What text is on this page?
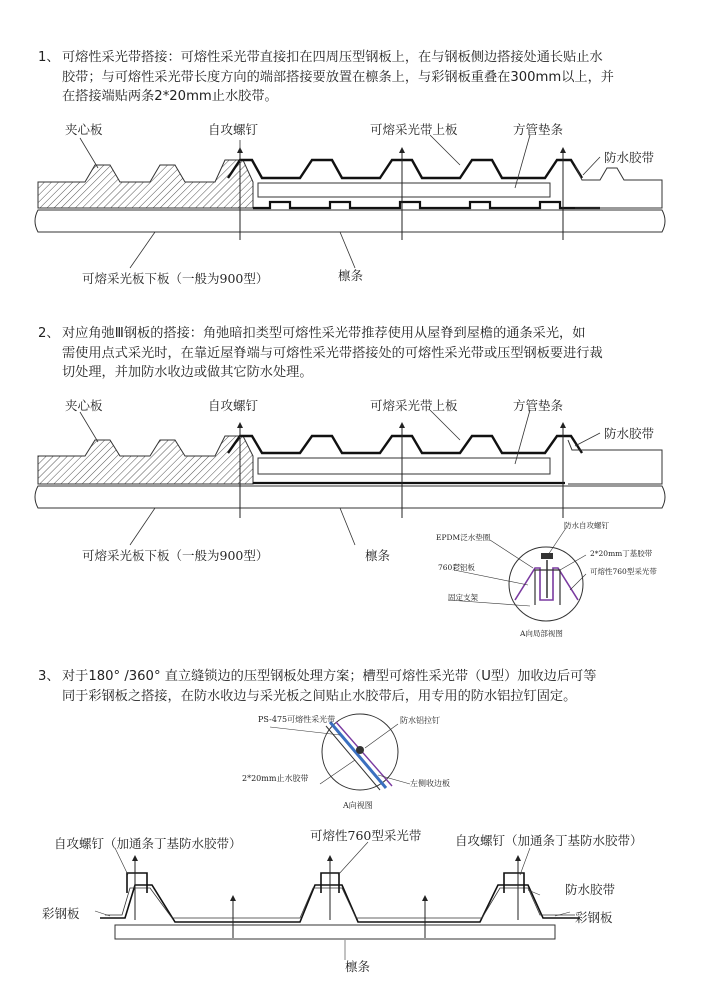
1、 可熔性采光带搭接：可熔性采光带直接扣在四周压型钢板上，在与钢板侧边搭接处通长贴止水
胶带；与可熔性采光带长度方向的端部搭接要放置在檩条上，与彩钢板重叠在300mm以上，并
在搭接端贴两条2*20mm止水胶带。
夹心板	自攻螺钉	可熔采光带上板	方管垫条
防水胶带
可熔采光板下板（一般为900型）	檩条
2、 对应角弛Ⅲ钢板的搭接：角弛暗扣类型可熔性采光带推荐使用从屋脊到屋檐的通条采光，如
需使用点式采光时，在靠近屋脊端与可熔性采光带搭接处的可熔性采光带或压型钢板要进行裁
切处理，并加防水收边或做其它防水处理。
夹心板	自攻螺钉	可熔采光带上板	方管垫条
防水胶带
可熔采光板下板（一般为900型）	檩条
EPDM泛水垫圈
防水自攻螺钉
2*20mm丁基胶带
760彩铝板	可熔性760型采光带
固定支架
A向局部视图
3、 对于180° /360° 直立缝锁边的压型钢板处理方案；槽型可熔性采光带（U型）加收边后可等
同于彩钢板之搭接，在防水收边与采光板之间贴止水胶带后，用专用的防水铝拉钉固定。
PS-475可熔性采光带	防水铝拉钉
2*20mm止水胶带
左侧收边板
A向视图
自攻螺钉（加通条丁基防水胶带）
可熔性760型采光带	自攻螺钉（加通条丁基防水胶带）
防水胶带
彩钢板	彩钢板
檩条
